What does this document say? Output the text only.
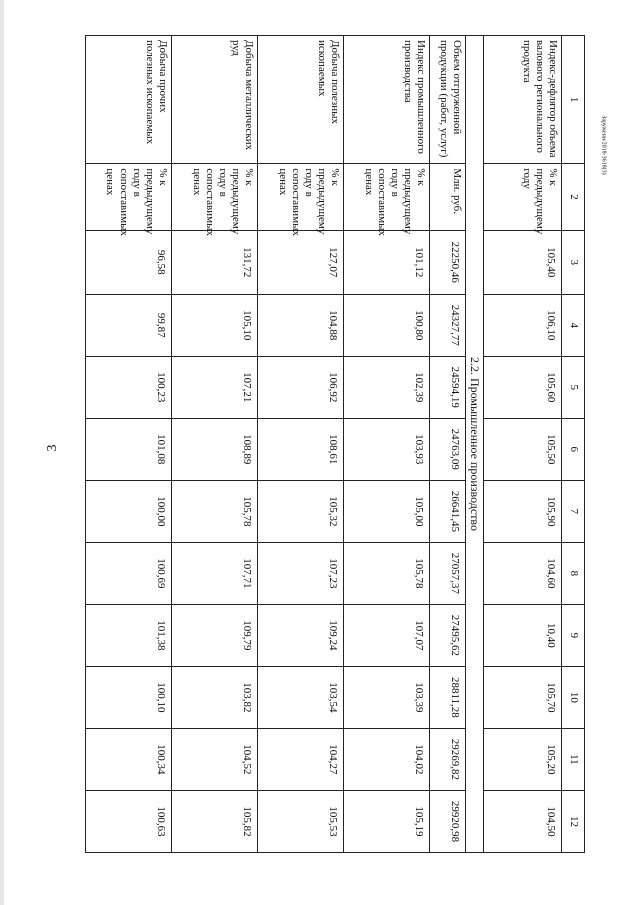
3
1	2	3	4	5	6	7	8	9	10	11	12
Индекс-дефлятор объема валового регионального продукта	% к предыдущему году	105,40	106,10	105,60	105,50	105,90	104,60	10,40	105,70	105,20	104,50
2.2. Промышленное производство											
Объем отгруженной продукции (работ, услуг)	Млн. руб.	22250,46	24327,77	24594,19	24763,09	26641,45	27057,37	27495,62	28811,28	29269,82	29920,98
Индекс промышленного производства	% к предыдущему году в сопоставимых ценах	101,12	100,80	102,39	103,93	105,00	105,78	107,07	103,39	104,02	105,19
Добыча полезных ископаемых	% к предыдущему году в сопоставимых ценах	127,07	104,88	106,92	108,61	105,32	107,23	109,24	103,54	104,27	105,53
Добыча металлических руд	% к предыдущему году в сопоставимых ценах	131,72	105,10	107,21	108,89	105,78	107,71	109,79	103,82	104,52	105,82
Добыча прочих полезных ископаемых	% к предыдущему году в сопоставимых ценах	96,58	99,87	100,23	101,08	100,00	100,69	101,38	100,10	100,34	100,63
Заружени/2018-3618(3)
